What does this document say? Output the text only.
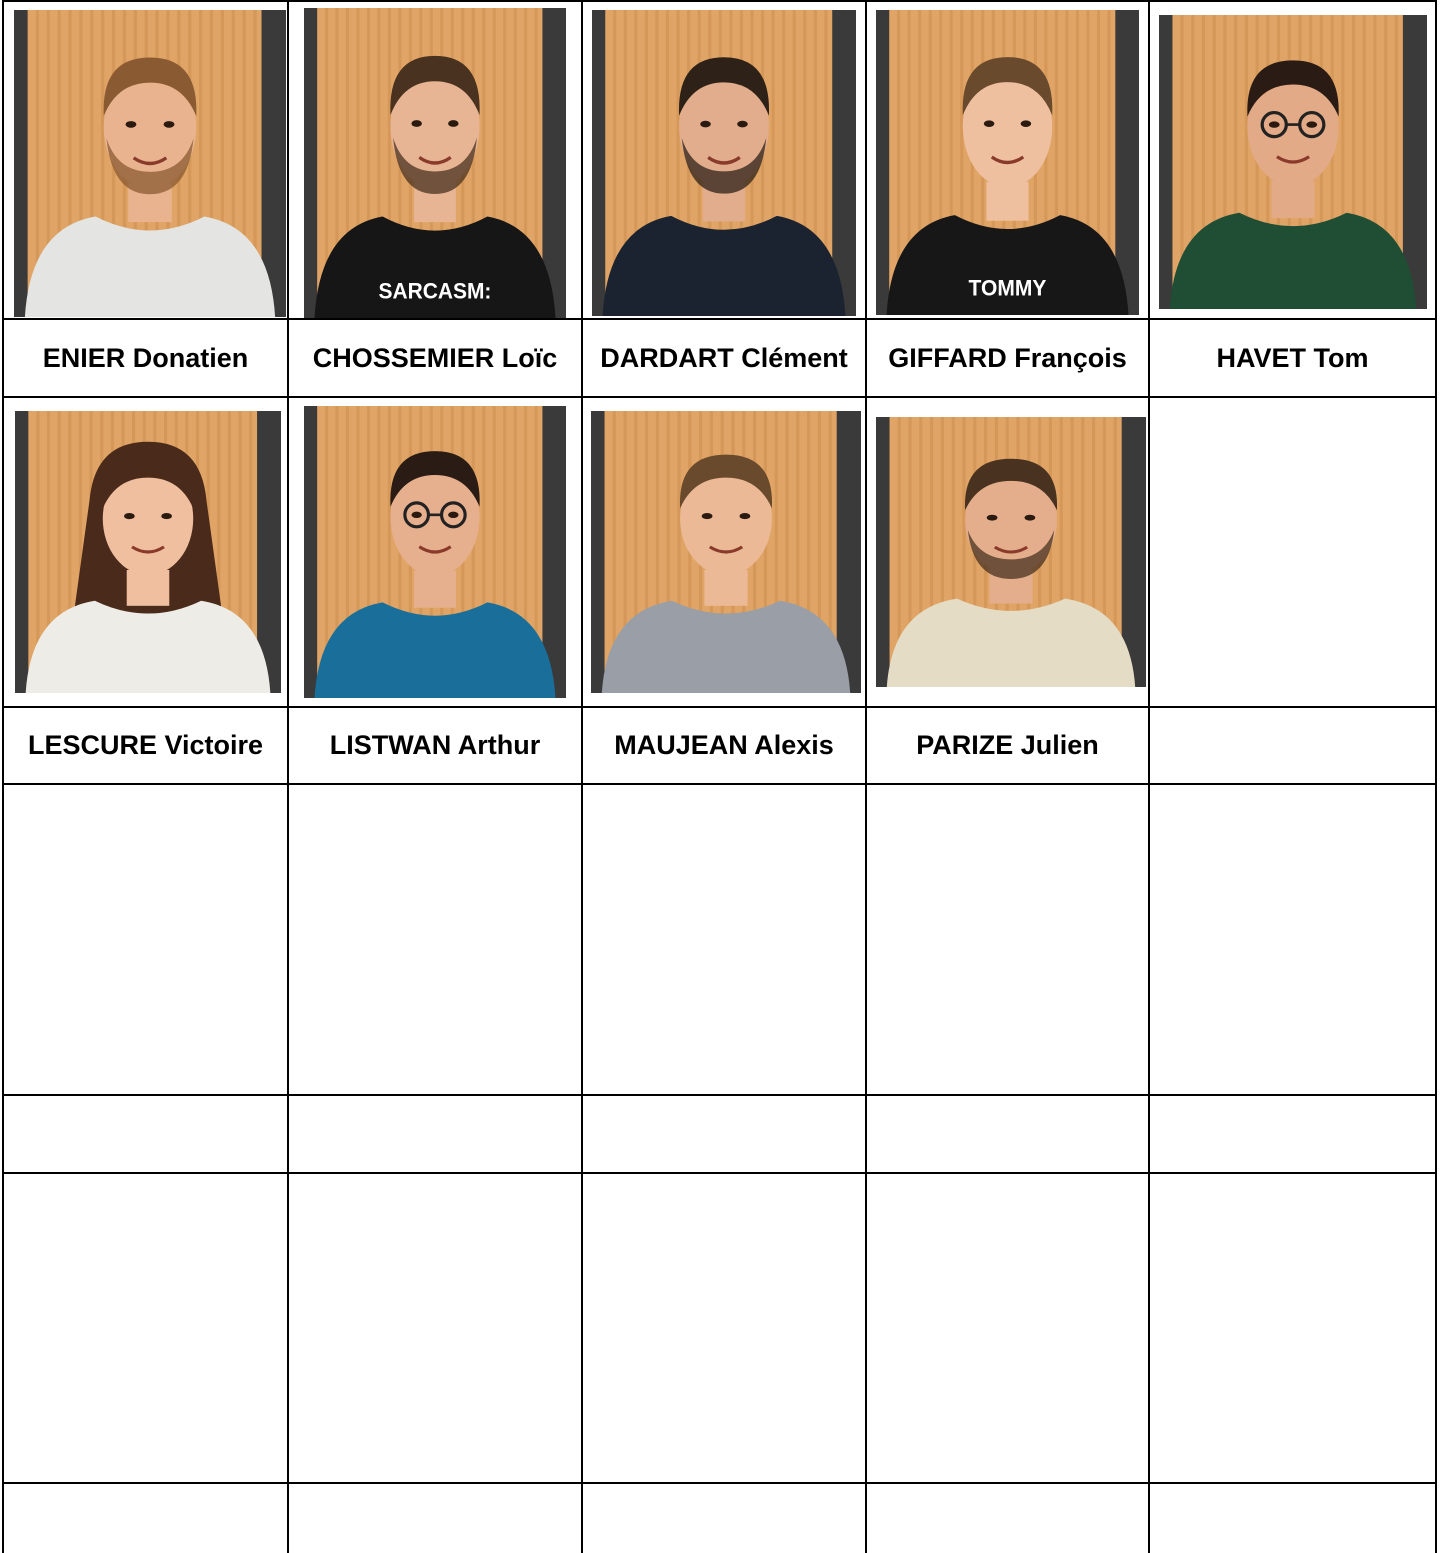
SARCASM:	TOMMY
ENIER Donatien	CHOSSEMIER Loïc	DARDART Clément	GIFFARD François	HAVET Tom
LESCURE Victoire	LISTWAN Arthur	MAUJEAN Alexis	PARIZE Julien
